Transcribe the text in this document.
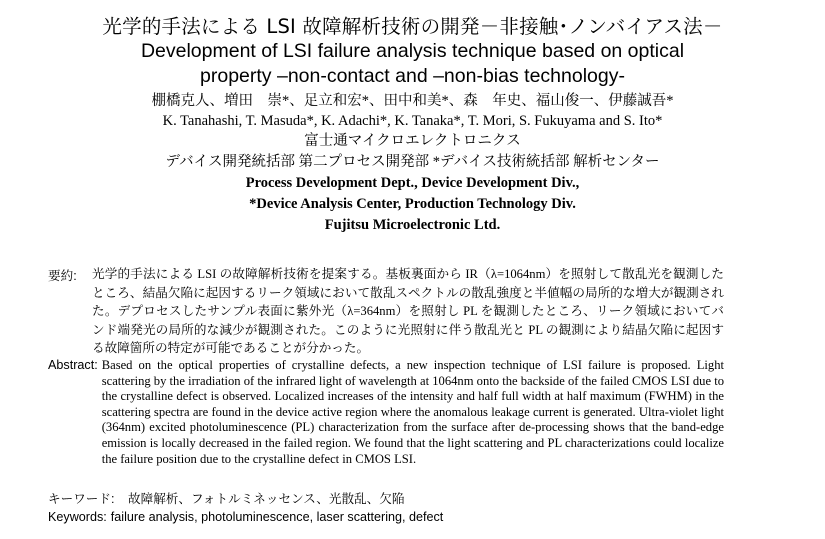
光学的手法による LSI 故障解析技術の開発－非接触･ノンバイアス法－
Development of LSI failure analysis technique based on optical
property –non-contact and –non-bias technology-
棚橋克人、増田　崇*、足立和宏*、田中和美*、森　年史、福山俊一、伊藤誠吾*
K. Tanahashi, T. Masuda*, K. Adachi*, K. Tanaka*, T. Mori, S. Fukuyama and S. Ito*
富士通マイクロエレクトロニクス
デバイス開発統括部 第二プロセス開発部 *デバイス技術統括部 解析センター
Process Development Dept., Device Development Div.,
*Device Analysis Center, Production Technology Div.
Fujitsu Microelectronic Ltd.
要約:	光学的手法による LSI の故障解析技術を提案する。基板裏面から IR（λ=1064nm）を照射して散乱光を観測したところ、結晶欠陥に起因するリーク領域において散乱スペクトルの散乱強度と半値幅の局所的な増大が観測された。デプロセスしたサンプル表面に紫外光（λ=364nm）を照射し PL を観測したところ、リーク領域においてバンド端発光の局所的な減少が観測された。このように光照射に伴う散乱光と PL の観測により結晶欠陥に起因する故障箇所の特定が可能であることが分かった。
Abstract: Based on the optical properties of crystalline defects, a new inspection technique of LSI failure is proposed. Light scattering by the irradiation of the infrared light of wavelength at 1064nm onto the backside of the failed CMOS LSI due to the crystalline defect is observed. Localized increases of the intensity and half full width at half maximum (FWHM) in the scattering spectra are found in the device active region where the anomalous leakage current is generated. Ultra-violet light (364nm) excited photoluminescence (PL) characterization from the surface after de-processing shows that the band-edge emission is locally decreased in the failed region. We found that the light scattering and PL characterizations could localize the failure position due to the crystalline defect in CMOS LSI.
キーワード:	故障解析、フォトルミネッセンス、光散乱、欠陥
Keywords: failure analysis, photoluminescence, laser scattering, defect
